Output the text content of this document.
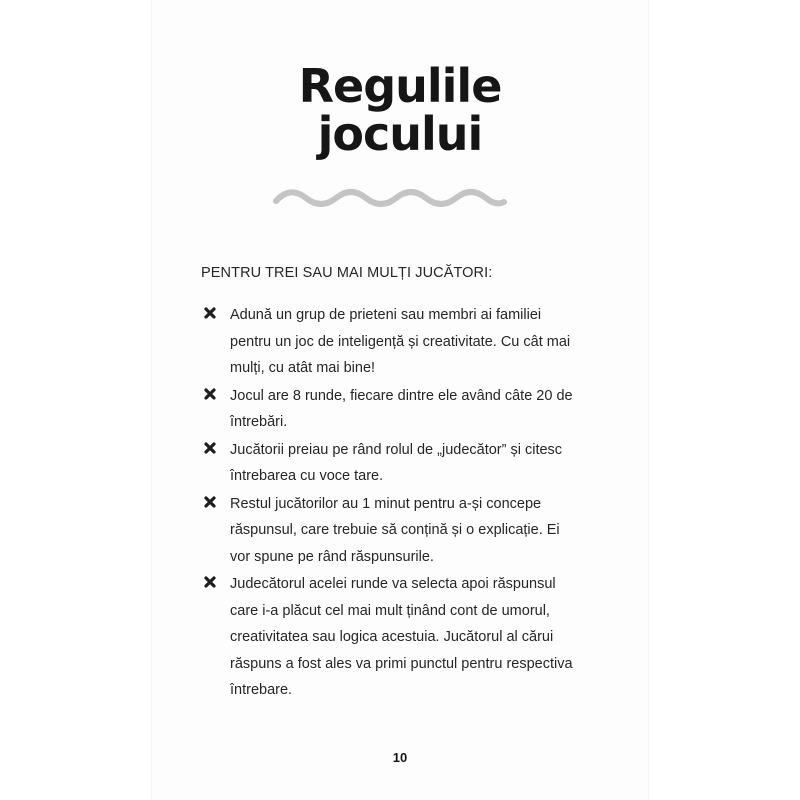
Regulile
jocului

PENTRU TREI SAU MAI MULȚI JUCĂTORI:

Adună un grup de prieteni sau membri ai familiei pentru un joc de inteligență și creativitate. Cu cât mai mulți, cu atât mai bine!
Jocul are 8 runde, fiecare dintre ele având câte 20 de întrebări.
Jucătorii preiau pe rând rolul de „judecător” și citesc întrebarea cu voce tare.
Restul jucătorilor au 1 minut pentru a-și concepe răspunsul, care trebuie să conțină și o explicație. Ei vor spune pe rând răspunsurile.
Judecătorul acelei runde va selecta apoi răspunsul care i-a plăcut cel mai mult ținând cont de umorul, creativitatea sau logica acestuia. Jucătorul al cărui răspuns a fost ales va primi punctul pentru respectiva întrebare.
10
